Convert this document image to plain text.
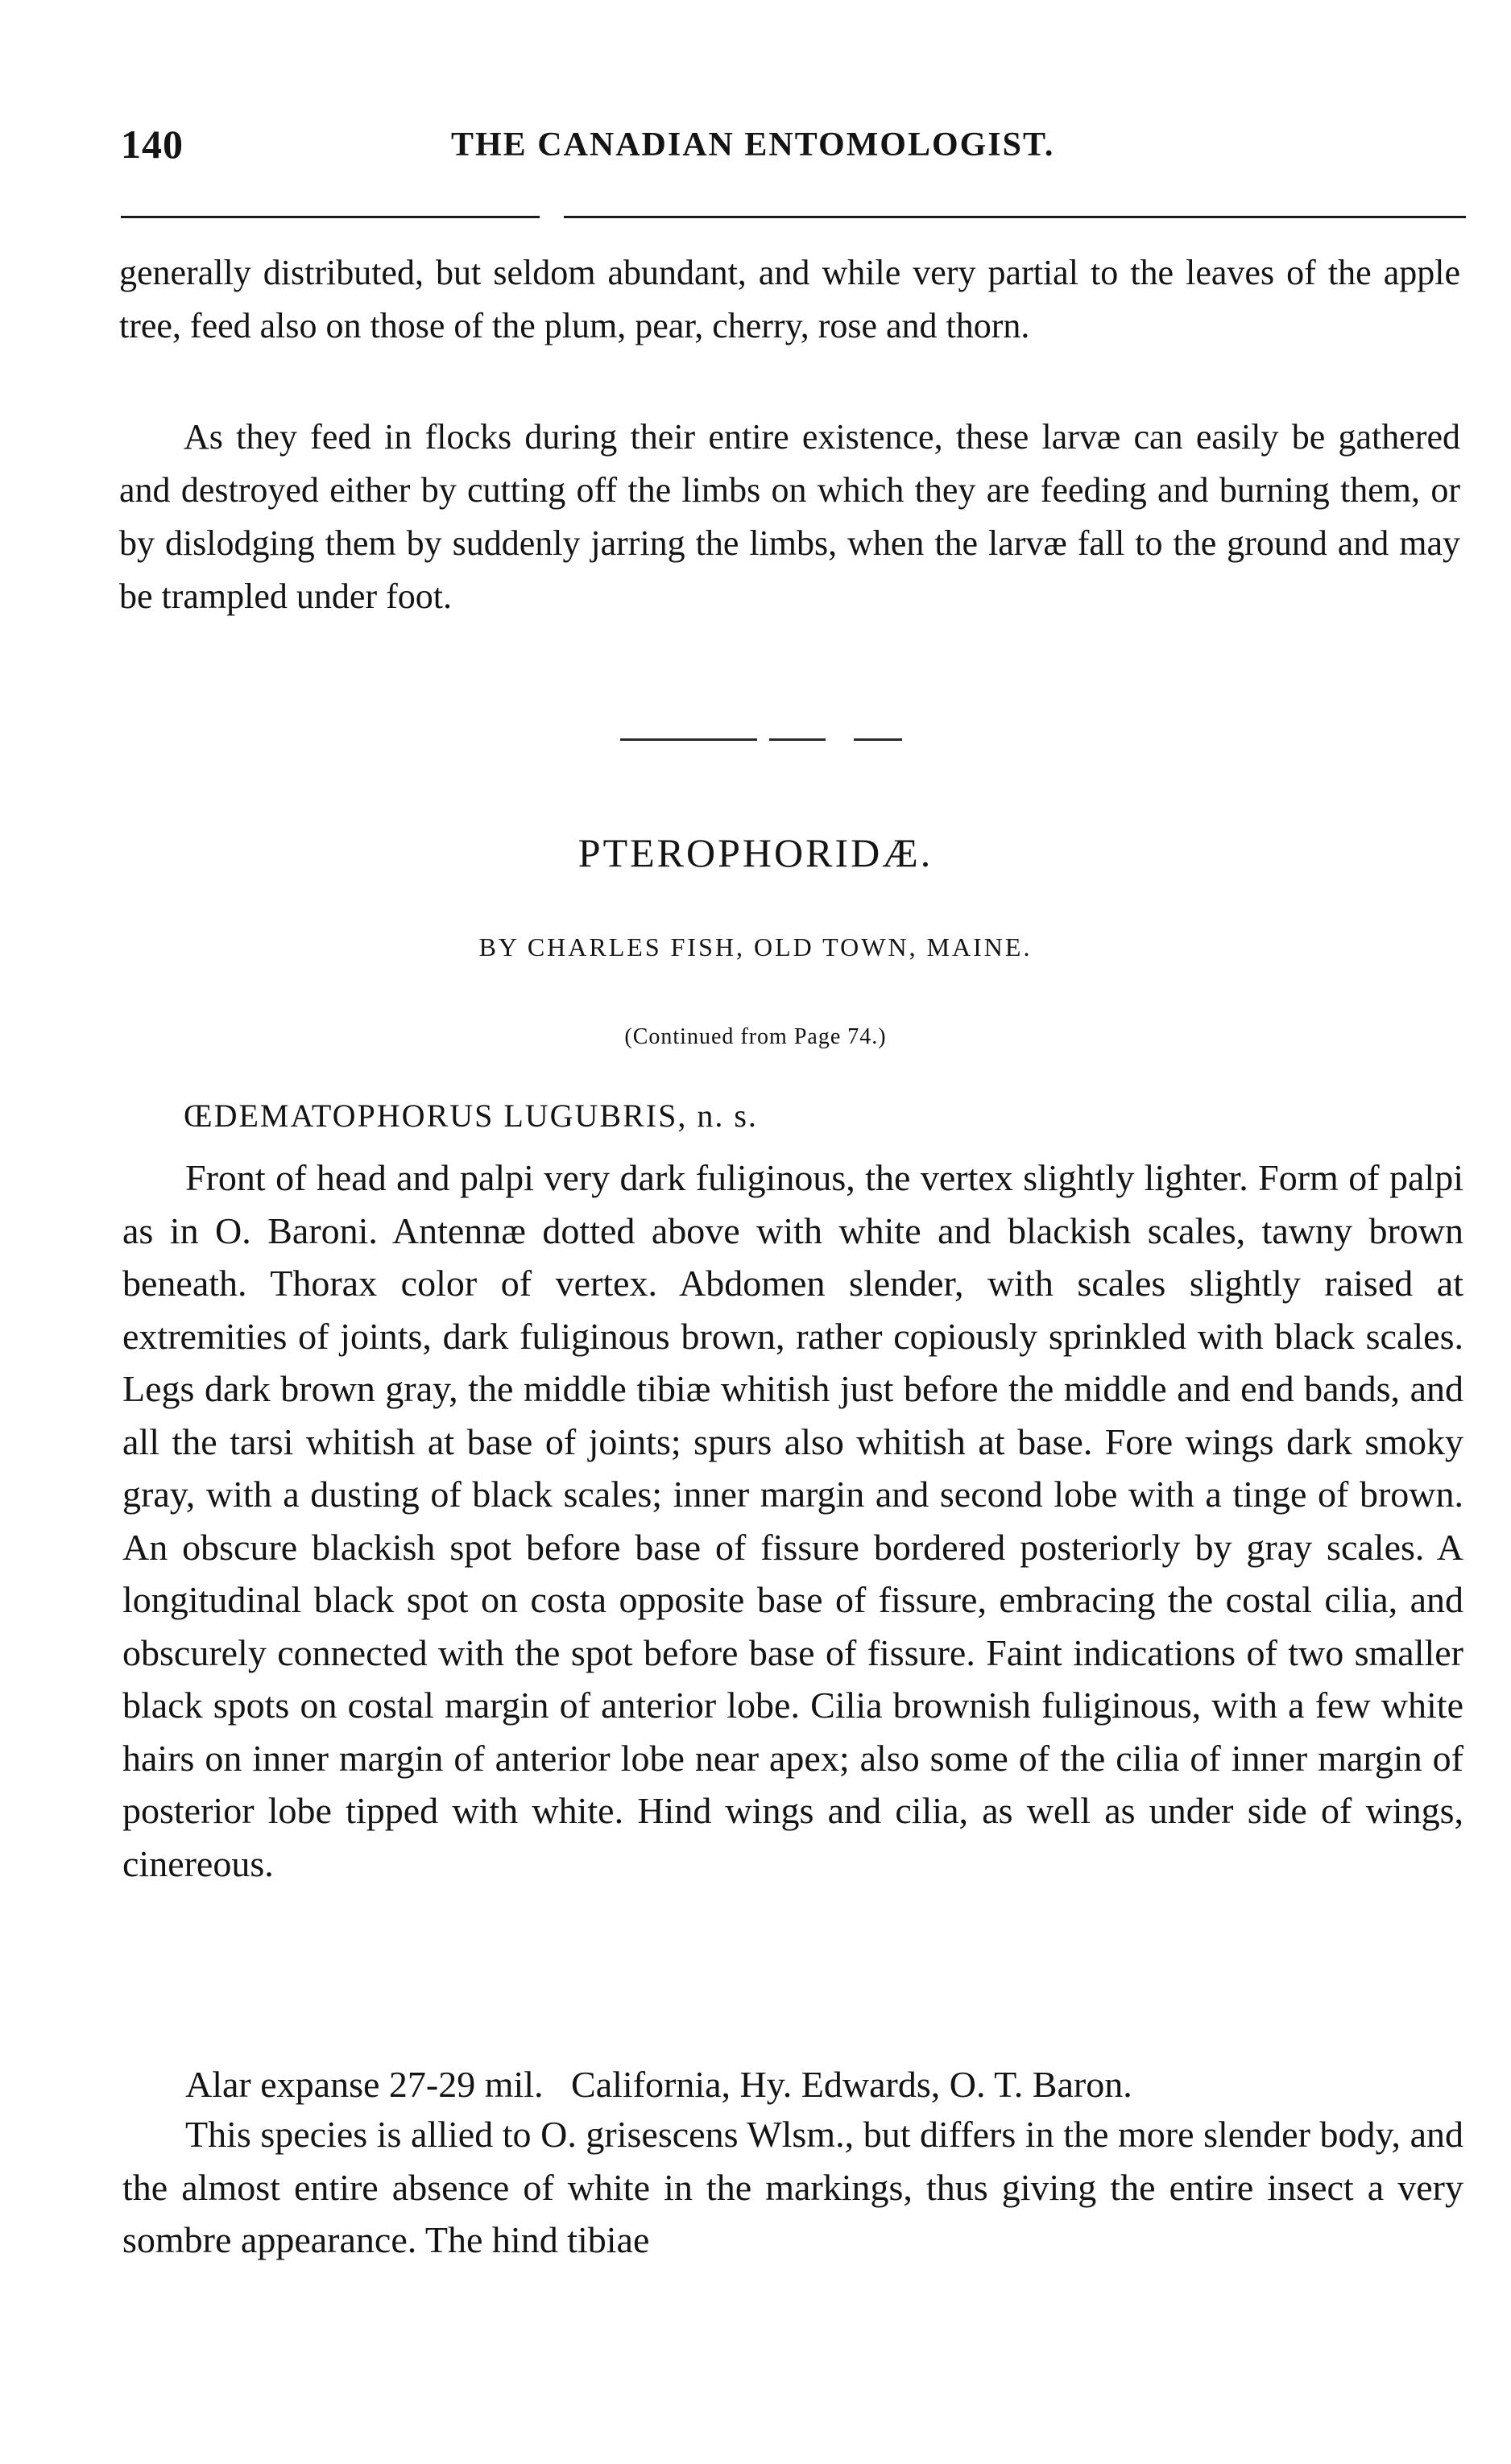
140	THE CANADIAN ENTOMOLOGIST.

generally distributed, but seldom abundant, and while very partial to the leaves of the apple tree, feed also on those of the plum, pear, cherry, rose and thorn.

As they feed in flocks during their entire existence, these larvæ can easily be gathered and destroyed either by cutting off the limbs on which they are feeding and burning them, or by dislodging them by suddenly jarring the limbs, when the larvæ fall to the ground and may be trampled under foot.

PTEROPHORIDÆ.
BY CHARLES FISH, OLD TOWN, MAINE.
(Continued from Page 74.)
ŒDEMATOPHORUS LUGUBRIS, n. s.

Front of head and palpi very dark fuliginous, the vertex slightly lighter. Form of palpi as in O. Baroni. Antennæ dotted above with white and blackish scales, tawny brown beneath. Thorax color of vertex. Abdomen slender, with scales slightly raised at extremities of joints, dark fuliginous brown, rather copiously sprinkled with black scales. Legs dark brown gray, the middle tibiæ whitish just before the middle and end bands, and all the tarsi whitish at base of joints; spurs also whitish at base. Fore wings dark smoky gray, with a dusting of black scales; inner margin and second lobe with a tinge of brown. An obscure blackish spot before base of fissure bordered posteriorly by gray scales. A longitudinal black spot on costa opposite base of fissure, embracing the costal cilia, and obscurely connected with the spot before base of fissure. Faint indications of two smaller black spots on costal margin of anterior lobe. Cilia brownish fuliginous, with a few white hairs on inner margin of anterior lobe near apex; also some of the cilia of inner margin of posterior lobe tipped with white. Hind wings and cilia, as well as under side of wings, cinereous.

Alar expanse 27-29 mil.   California, Hy. Edwards, O. T. Baron.

This species is allied to O. grisescens Wlsm., but differs in the more slender body, and the almost entire absence of white in the markings, thus giving the entire insect a very sombre appearance. The hind tibiae
